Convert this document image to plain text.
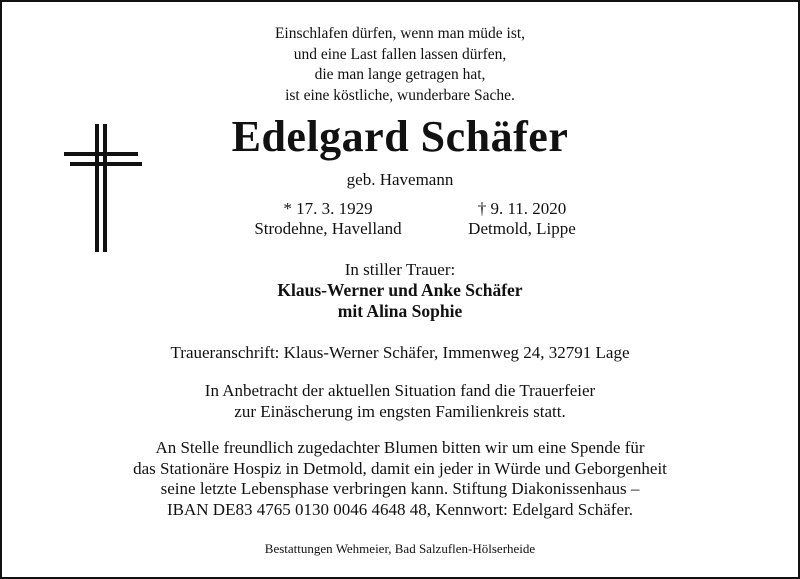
Einschlafen dürfen, wenn man müde ist,
und eine Last fallen lassen dürfen,
die man lange getragen hat,
ist eine köstliche, wunderbare Sache.
Edelgard Schäfer
geb. Havemann
* 17. 3. 1929
Strodehne, Havelland
† 9. 11. 2020
Detmold, Lippe
In stiller Trauer:
Klaus-Werner und Anke Schäfer
mit Alina Sophie
Traueranschrift: Klaus-Werner Schäfer, Immenweg 24, 32791 Lage
In Anbetracht der aktuellen Situation fand die Trauerfeier
zur Einäscherung im engsten Familienkreis statt.
An Stelle freundlich zugedachter Blumen bitten wir um eine Spende für
das Stationäre Hospiz in Detmold, damit ein jeder in Würde und Geborgenheit
seine letzte Lebensphase verbringen kann. Stiftung Diakonissenhaus –
IBAN DE83 4765 0130 0046 4648 48, Kennwort: Edelgard Schäfer.
Bestattungen Wehmeier, Bad Salzuflen-Hölserheide
